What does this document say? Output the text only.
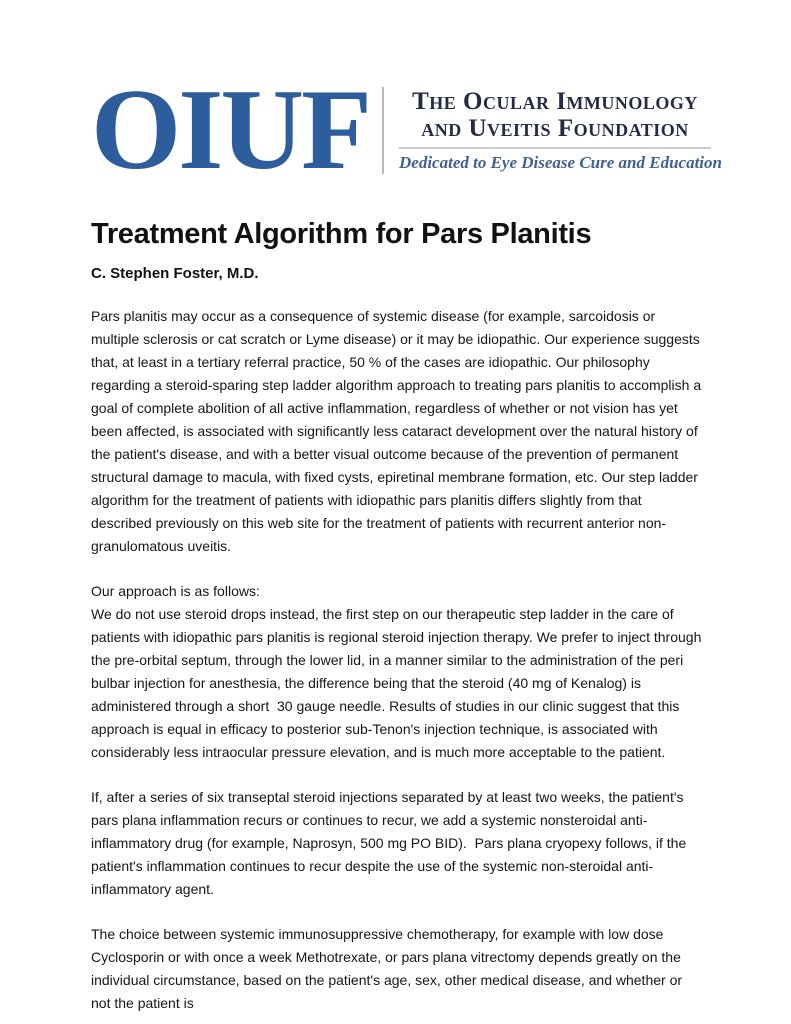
OIUF	The Ocular Immunology
and Uveitis Foundation
Dedicated to Eye Disease Cure and Education
Treatment Algorithm for Pars Planitis
C. Stephen Foster, M.D.

Pars planitis may occur as a consequence of systemic disease (for example, sarcoidosis or multiple sclerosis or cat scratch or Lyme disease) or it may be idiopathic. Our experience suggests that, at least in a tertiary referral practice, 50 % of the cases are idiopathic. Our philosophy regarding a steroid-sparing step ladder algorithm approach to treating pars planitis to accomplish a goal of complete abolition of all active inflammation, regardless of whether or not vision has yet been affected, is associated with significantly less cataract development over the natural history of the patient's disease, and with a better visual outcome because of the prevention of permanent structural damage to macula, with fixed cysts, epiretinal membrane formation, etc. Our step ladder algorithm for the treatment of patients with idiopathic pars planitis differs slightly from that described previously on this web site for the treatment of patients with recurrent anterior non-granulomatous uveitis.

Our approach is as follows:
We do not use steroid drops instead, the first step on our therapeutic step ladder in the care of patients with idiopathic pars planitis is regional steroid injection therapy. We prefer to inject through the pre-orbital septum, through the lower lid, in a manner similar to the administration of the peri bulbar injection for anesthesia, the difference being that the steroid (40 mg of Kenalog) is administered through a short  30 gauge needle. Results of studies in our clinic suggest that this approach is equal in efficacy to posterior sub-Tenon's injection technique, is associated with considerably less intraocular pressure elevation, and is much more acceptable to the patient.

If, after a series of six transeptal steroid injections separated by at least two weeks, the patient's pars plana inflammation recurs or continues to recur, we add a systemic nonsteroidal anti-inflammatory drug (for example, Naprosyn, 500 mg PO BID).  Pars plana cryopexy follows, if the patient's inflammation continues to recur despite the use of the systemic non-steroidal anti-inflammatory agent.

The choice between systemic immunosuppressive chemotherapy, for example with low dose Cyclosporin or with once a week Methotrexate, or pars plana vitrectomy depends greatly on the individual circumstance, based on the patient's age, sex, other medical disease, and whether or not the patient is
